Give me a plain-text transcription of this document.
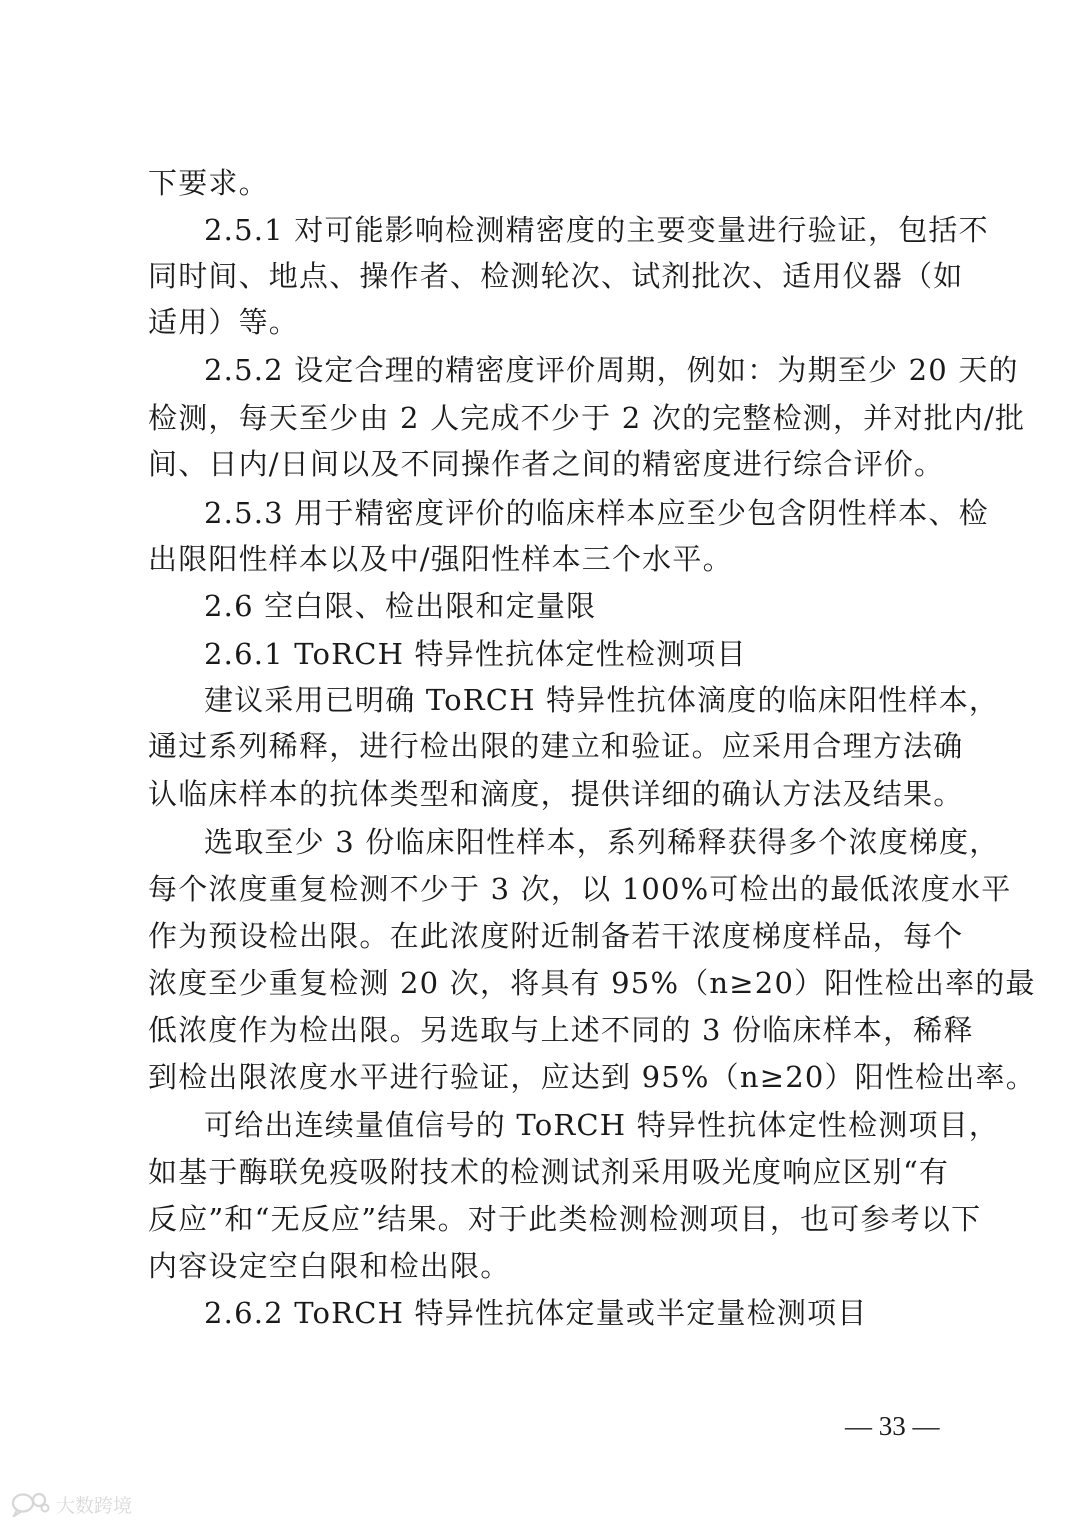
下要求。
2.5.1 对可能影响检测精密度的主要变量进行验证，包括不
同时间、地点、操作者、检测轮次、试剂批次、适用仪器（如
适用）等。
2.5.2 设定合理的精密度评价周期，例如：为期至少 20 天的
检测，每天至少由 2 人完成不少于 2 次的完整检测，并对批内/批
间、日内/日间以及不同操作者之间的精密度进行综合评价。
2.5.3 用于精密度评价的临床样本应至少包含阴性样本、检
出限阳性样本以及中/强阳性样本三个水平。
2.6 空白限、检出限和定量限
2.6.1 ToRCH 特异性抗体定性检测项目
建议采用已明确 ToRCH 特异性抗体滴度的临床阳性样本，
通过系列稀释，进行检出限的建立和验证。应采用合理方法确
认临床样本的抗体类型和滴度，提供详细的确认方法及结果。
选取至少 3 份临床阳性样本，系列稀释获得多个浓度梯度，
每个浓度重复检测不少于 3 次，以 100%可检出的最低浓度水平
作为预设检出限。在此浓度附近制备若干浓度梯度样品，每个
浓度至少重复检测 20 次，将具有 95%（n≥20）阳性检出率的最
低浓度作为检出限。另选取与上述不同的 3 份临床样本，稀释
到检出限浓度水平进行验证，应达到 95%（n≥20）阳性检出率。
可给出连续量值信号的 ToRCH 特异性抗体定性检测项目，
如基于酶联免疫吸附技术的检测试剂采用吸光度响应区别“有
反应”和“无反应”结果。对于此类检测检测项目，也可参考以下
内容设定空白限和检出限。
2.6.2 ToRCH 特异性抗体定量或半定量检测项目
— 33 —
大数跨境
